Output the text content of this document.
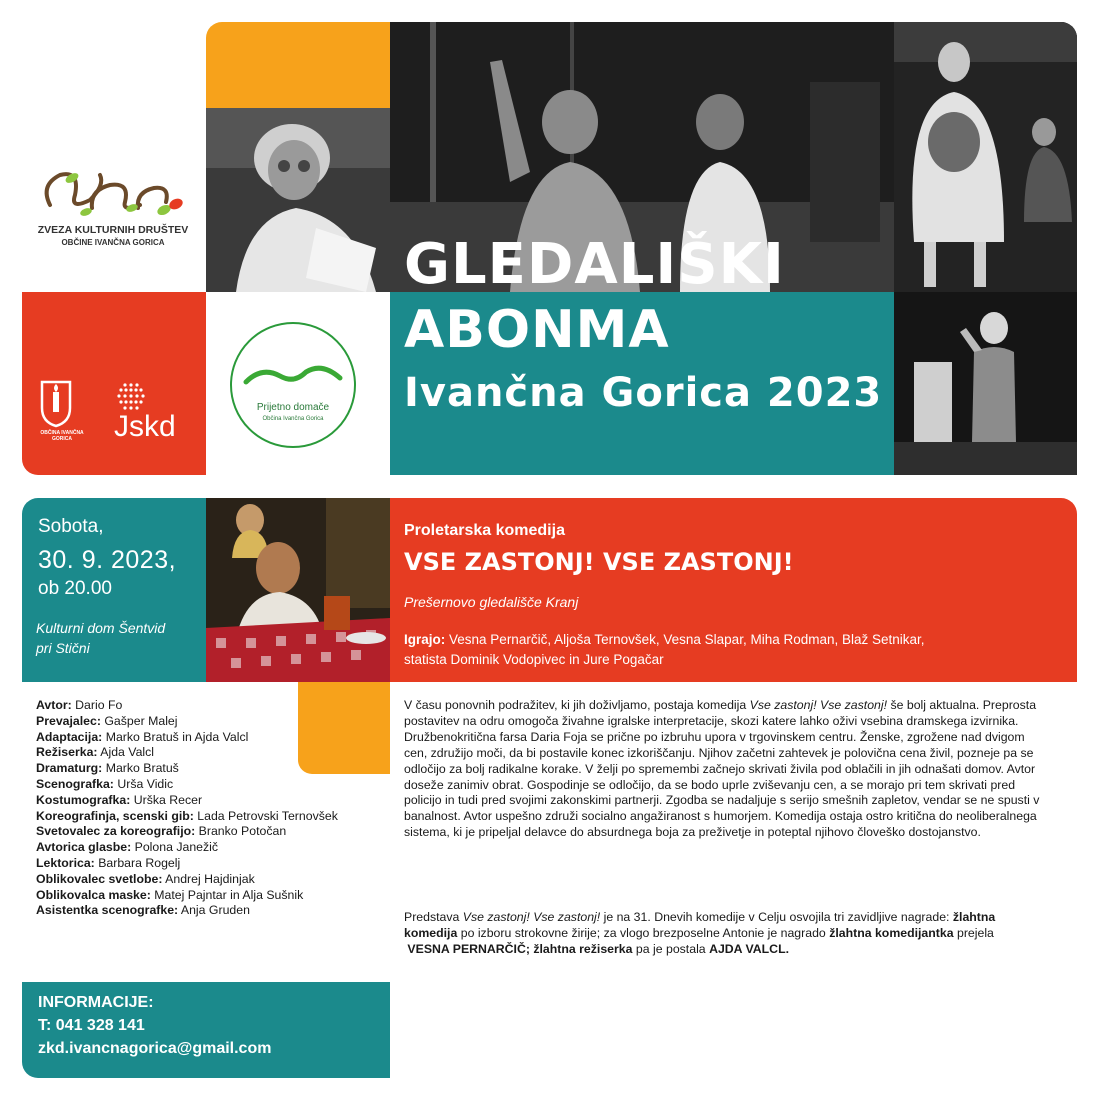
GLEDALIŠKI
ABONMA
Ivančna Gorica 2023
ZVEZA KULTURNIH DRUŠTEV
OBČINE IVANČNA GORICA
OBČINA IVANČNA GORICA	Jskd
Prijetno domače
Občina Ivančna Gorica
Sobota,
30. 9. 2023,
ob 20.00
Kulturni dom Šentvid
pri Stični
Proletarska komedija
VSE ZASTONJ! VSE ZASTONJ!
Prešernovo gledališče Kranj
Igrajo: Vesna Pernarčič, Aljoša Ternovšek, Vesna Slapar, Miha Rodman, Blaž Setnikar,
statista Dominik Vodopivec in Jure Pogačar
Avtor: Dario Fo
Prevajalec: Gašper Malej
Adaptacija: Marko Bratuš in Ajda Valcl
Režiserka: Ajda Valcl
Dramaturg: Marko Bratuš
Scenografka: Urša Vidic
Kostumografka: Urška Recer
Koreografinja, scenski gib: Lada Petrovski Ternovšek
Svetovalec za koreografijo: Branko Potočan
Avtorica glasbe: Polona Janežič
Lektorica: Barbara Rogelj
Oblikovalec svetlobe: Andrej Hajdinjak
Oblikovalca maske: Matej Pajntar in Alja Sušnik
Asistentka scenografke: Anja Gruden
V času ponovnih podražitev, ki jih doživljamo, postaja komedija Vse zastonj! Vse zastonj! še bolj aktualna. Preprosta postavitev na odru omogoča živahne igralske interpretacije, skozi katere lahko oživi vsebina dramskega izvirnika. Družbenokritična farsa Daria Foja se prične po izbruhu upora v trgovinskem centru. Ženske, zgrožene nad dvigom cen, združijo moči, da bi postavile konec izkoriščanju. Njihov začetni zahtevek je polovična cena živil, pozneje pa se odločijo za bolj radikalne korake. V želji po spremembi začnejo skrivati živila pod oblačili in jih odnašati domov. Avtor doseže zanimiv obrat. Gospodinje se odločijo, da se bodo uprle zviševanju cen, a se morajo pri tem skrivati pred policijo in tudi pred svojimi zakonskimi partnerji. Zgodba se nadaljuje s serijo smešnih zapletov, vendar se ne spusti v banalnost. Avtor uspešno združi socialno angažiranost s humorjem. Komedija ostaja ostro kritična do neoliberalnega sistema, ki je pripeljal delavce do absurdnega boja za preživetje in poteptal njihovo človeško dostojanstvo.
Predstava Vse zastonj! Vse zastonj! je na 31. Dnevih komedije v Celju osvojila tri zavidljive nagrade: žlahtna komedija po izboru strokovne žirije; za vlogo brezposelne Antonie je nagrado žlahtna komedijantka prejela
VESNA PERNARČIČ; žlahtna režiserka pa je postala AJDA VALCL.
INFORMACIJE:
T: 041 328 141
zkd.ivancnagorica@gmail.com
